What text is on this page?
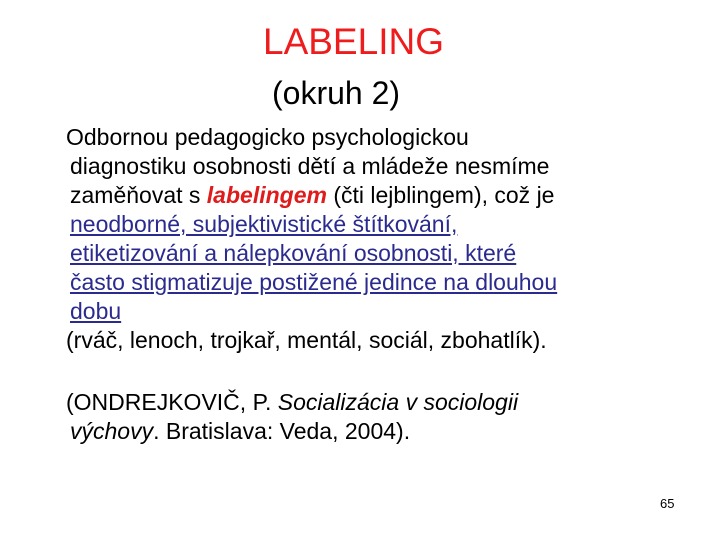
LABELING
(okruh 2)
Odbornou pedagogicko psychologickou
diagnostiku osobnosti dětí a mládeže nesmíme
zaměňovat s labelingem (čti lejblingem), což je
neodborné, subjektivistické štítkování,
etiketizování a nálepkování osobnosti, které
často stigmatizuje postižené jedince na dlouhou
dobu
(rváč, lenoch, trojkař, mentál, sociál, zbohatlík).
(ONDREJKOVIČ, P. Socializácia v sociologii
výchovy. Bratislava: Veda, 2004).
65
